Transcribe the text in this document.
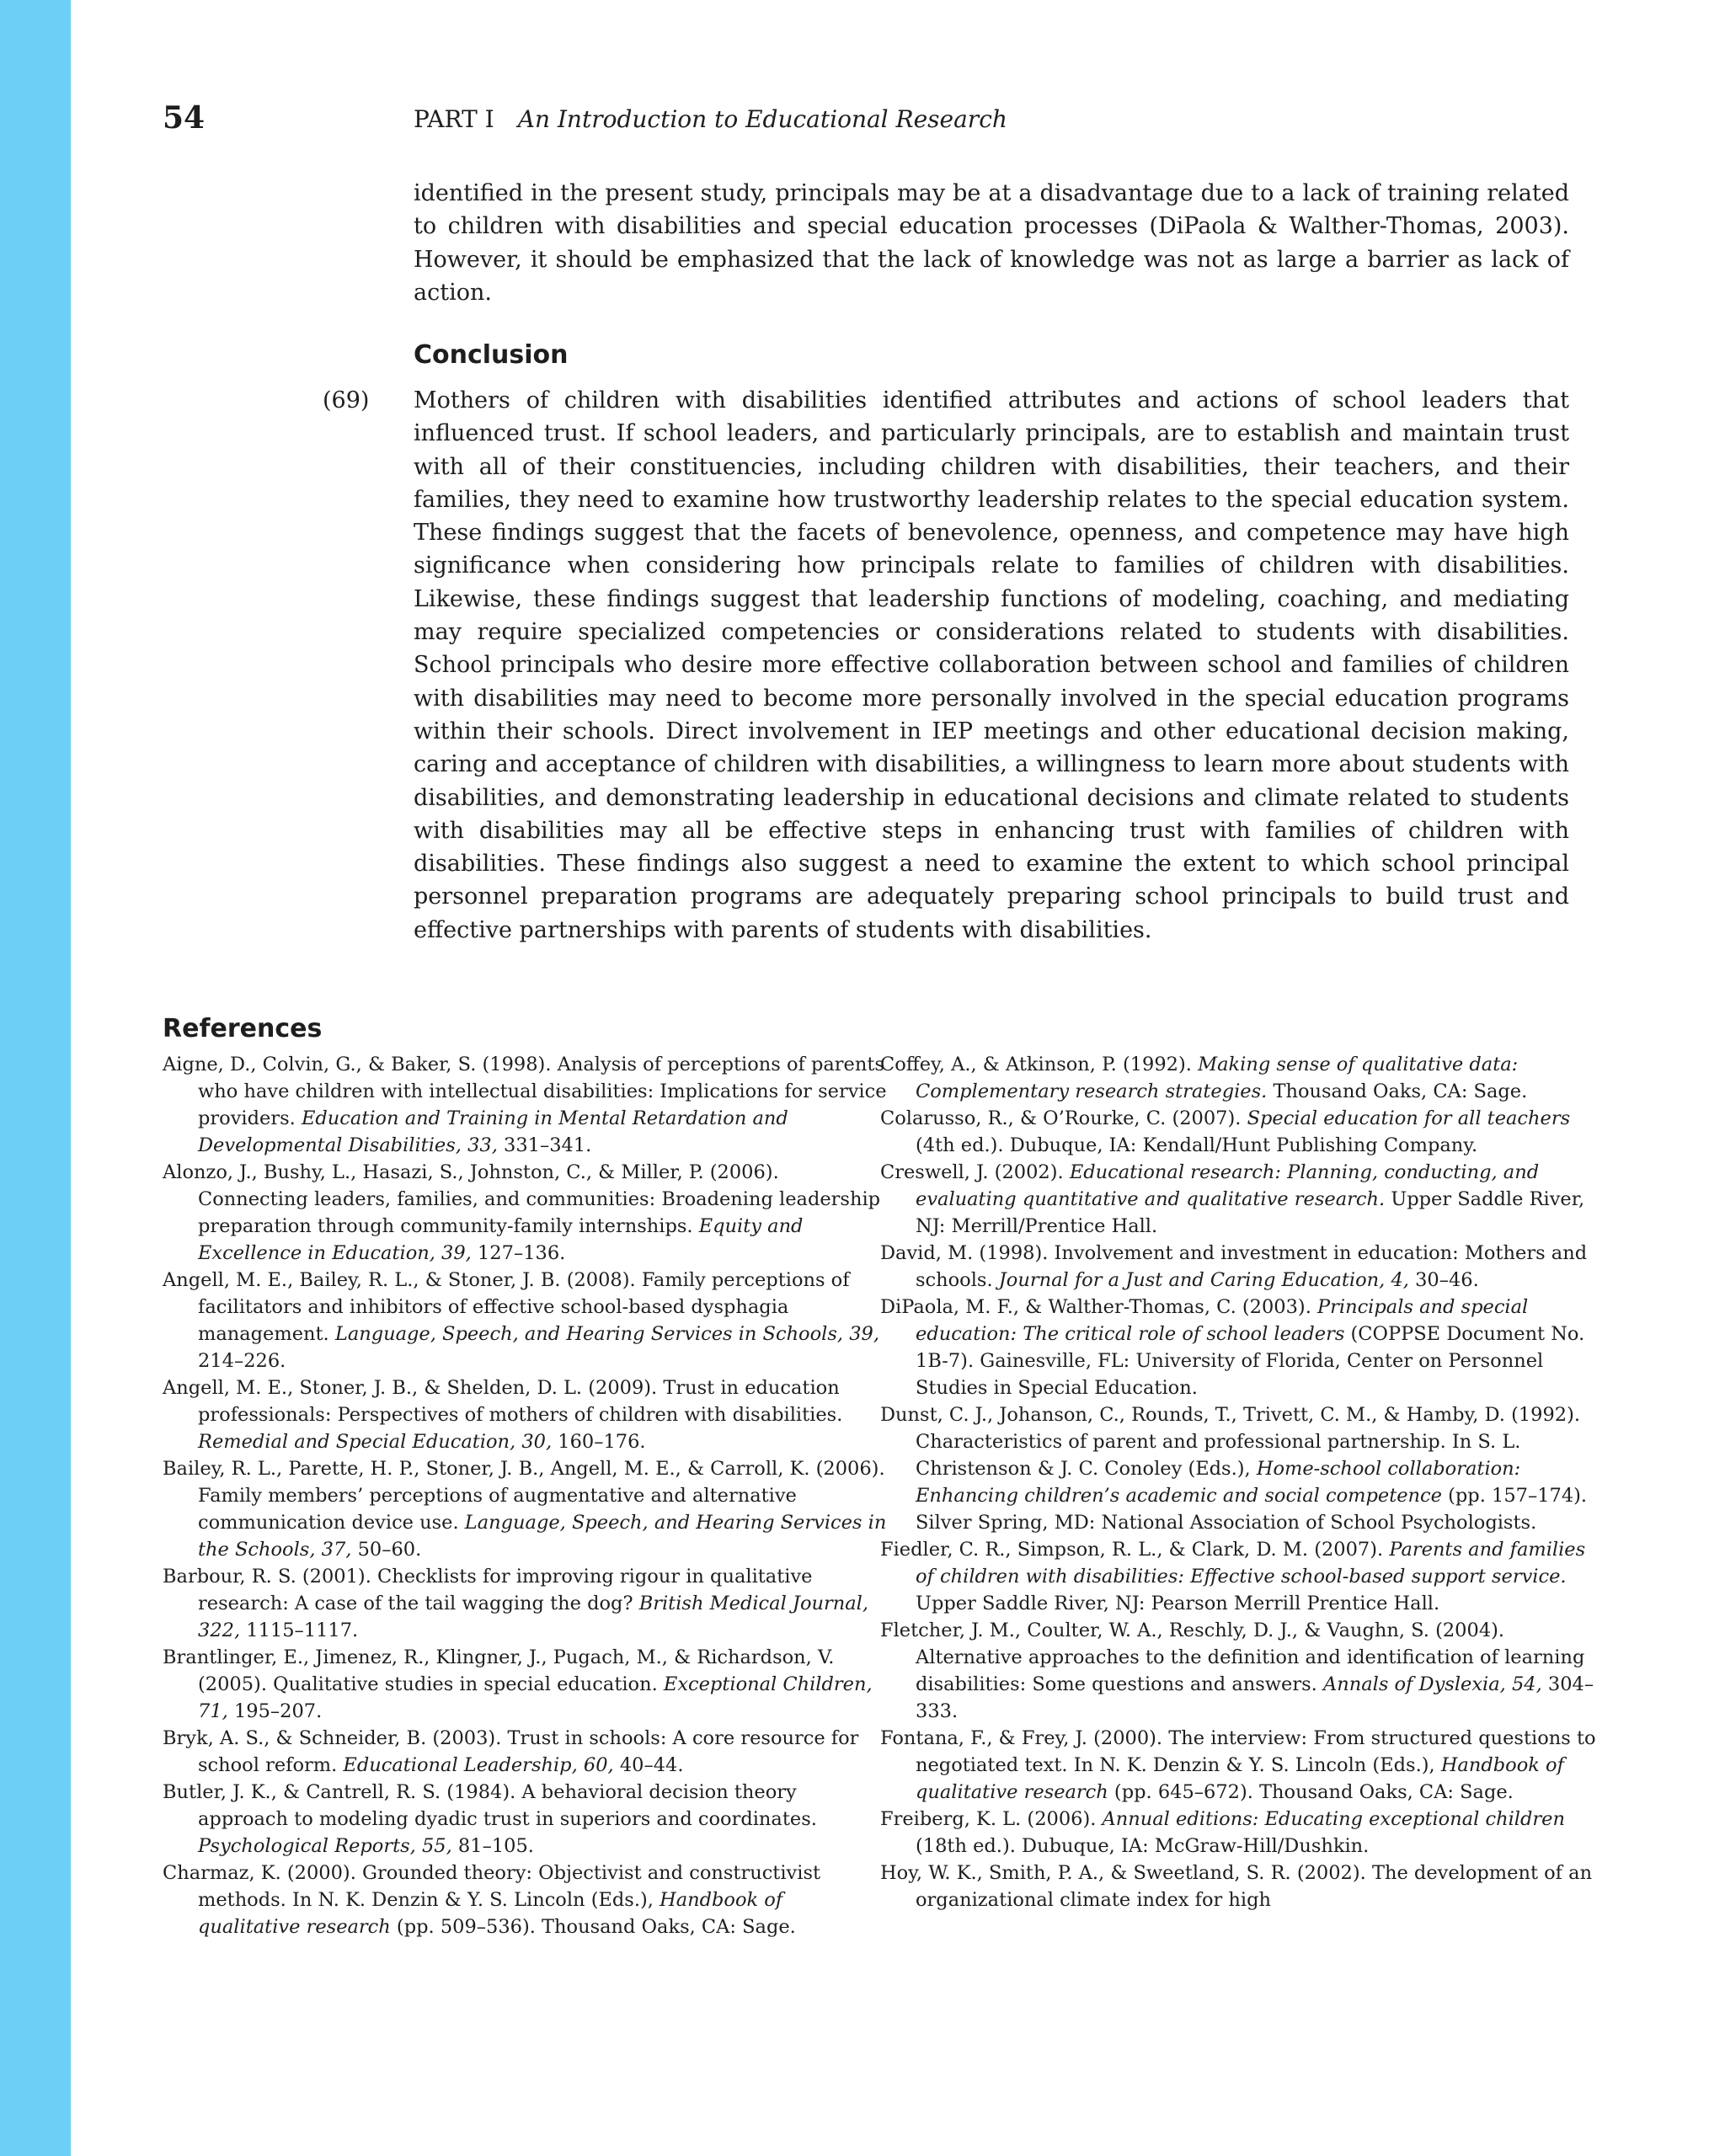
54	PART I An Introduction to Educational Research

identified in the present study, principals may be at a disadvantage due to a lack of training related to children with disabilities and special education processes (DiPaola & Walther-Thomas, 2003). However, it should be emphasized that the lack of knowledge was not as large a barrier as lack of action.

Conclusion
(69) Mothers of children with disabilities identified attributes and actions of school leaders that influenced trust. If school leaders, and particularly principals, are to establish and maintain trust with all of their constituencies, including children with disabilities, their teachers, and their families, they need to examine how trustworthy leadership relates to the special education system. These findings suggest that the facets of benevolence, openness, and competence may have high significance when considering how principals relate to families of children with disabilities. Likewise, these findings suggest that leadership functions of modeling, coaching, and mediating may require specialized competencies or considerations related to students with disabilities. School principals who desire more effective collaboration between school and families of children with disabilities may need to become more personally involved in the special education programs within their schools. Direct involvement in IEP meetings and other educational decision making, caring and acceptance of children with disabilities, a willingness to learn more about students with disabilities, and demonstrating leadership in educational decisions and climate related to students with disabilities may all be effective steps in enhancing trust with families of children with disabilities. These findings also suggest a need to examine the extent to which school principal personnel preparation programs are adequately preparing school principals to build trust and effective partnerships with parents of students with disabilities.

References

Aigne, D., Colvin, G., & Baker, S. (1998). Analysis of perceptions of parents who have children with intellectual disabilities: Implications for service providers. Education and Training in Mental Retardation and Developmental Disabilities, 33, 331–341.

Alonzo, J., Bushy, L., Hasazi, S., Johnston, C., & Miller, P. (2006). Connecting leaders, families, and communities: Broadening leadership preparation through community-family internships. Equity and Excellence in Education, 39, 127–136.

Angell, M. E., Bailey, R. L., & Stoner, J. B. (2008). Family perceptions of facilitators and inhibitors of effective school-based dysphagia management. Language, Speech, and Hearing Services in Schools, 39, 214–226.

Angell, M. E., Stoner, J. B., & Shelden, D. L. (2009). Trust in education professionals: Perspectives of mothers of children with disabilities. Remedial and Special Education, 30, 160–176.

Bailey, R. L., Parette, H. P., Stoner, J. B., Angell, M. E., & Carroll, K. (2006). Family members’ perceptions of augmentative and alternative communication device use. Language, Speech, and Hearing Services in the Schools, 37, 50–60.

Barbour, R. S. (2001). Checklists for improving rigour in qualitative research: A case of the tail wagging the dog? British Medical Journal, 322, 1115–1117.

Brantlinger, E., Jimenez, R., Klingner, J., Pugach, M., & Richardson, V. (2005). Qualitative studies in special education. Exceptional Children, 71, 195–207.

Bryk, A. S., & Schneider, B. (2003). Trust in schools: A core resource for school reform. Educational Leadership, 60, 40–44.

Butler, J. K., & Cantrell, R. S. (1984). A behavioral decision theory approach to modeling dyadic trust in superiors and coordinates. Psychological Reports, 55, 81–105.

Charmaz, K. (2000). Grounded theory: Objectivist and constructivist methods. In N. K. Denzin & Y. S. Lincoln (Eds.), Handbook of qualitative research (pp. 509–536). Thousand Oaks, CA: Sage.

Coffey, A., & Atkinson, P. (1992). Making sense of qualitative data: Complementary research strategies. Thousand Oaks, CA: Sage.

Colarusso, R., & O’Rourke, C. (2007). Special education for all teachers (4th ed.). Dubuque, IA: Kendall/Hunt Publishing Company.

Creswell, J. (2002). Educational research: Planning, conducting, and evaluating quantitative and qualitative research. Upper Saddle River, NJ: Merrill/Prentice Hall.

David, M. (1998). Involvement and investment in education: Mothers and schools. Journal for a Just and Caring Education, 4, 30–46.

DiPaola, M. F., & Walther-Thomas, C. (2003). Principals and special education: The critical role of school leaders (COPPSE Document No. 1B-7). Gainesville, FL: University of Florida, Center on Personnel Studies in Special Education.

Dunst, C. J., Johanson, C., Rounds, T., Trivett, C. M., & Hamby, D. (1992). Characteristics of parent and professional partnership. In S. L. Christenson & J. C. Conoley (Eds.), Home-school collaboration: Enhancing children’s academic and social competence (pp. 157–174). Silver Spring, MD: National Association of School Psychologists.

Fiedler, C. R., Simpson, R. L., & Clark, D. M. (2007). Parents and families of children with disabilities: Effective school-based support service. Upper Saddle River, NJ: Pearson Merrill Prentice Hall.

Fletcher, J. M., Coulter, W. A., Reschly, D. J., & Vaughn, S. (2004). Alternative approaches to the definition and identification of learning disabilities: Some questions and answers. Annals of Dyslexia, 54, 304–333.

Fontana, F., & Frey, J. (2000). The interview: From structured questions to negotiated text. In N. K. Denzin & Y. S. Lincoln (Eds.), Handbook of qualitative research (pp. 645–672). Thousand Oaks, CA: Sage.

Freiberg, K. L. (2006). Annual editions: Educating exceptional children (18th ed.). Dubuque, IA: McGraw-Hill/Dushkin.

Hoy, W. K., Smith, P. A., & Sweetland, S. R. (2002). The development of an organizational climate index for high
